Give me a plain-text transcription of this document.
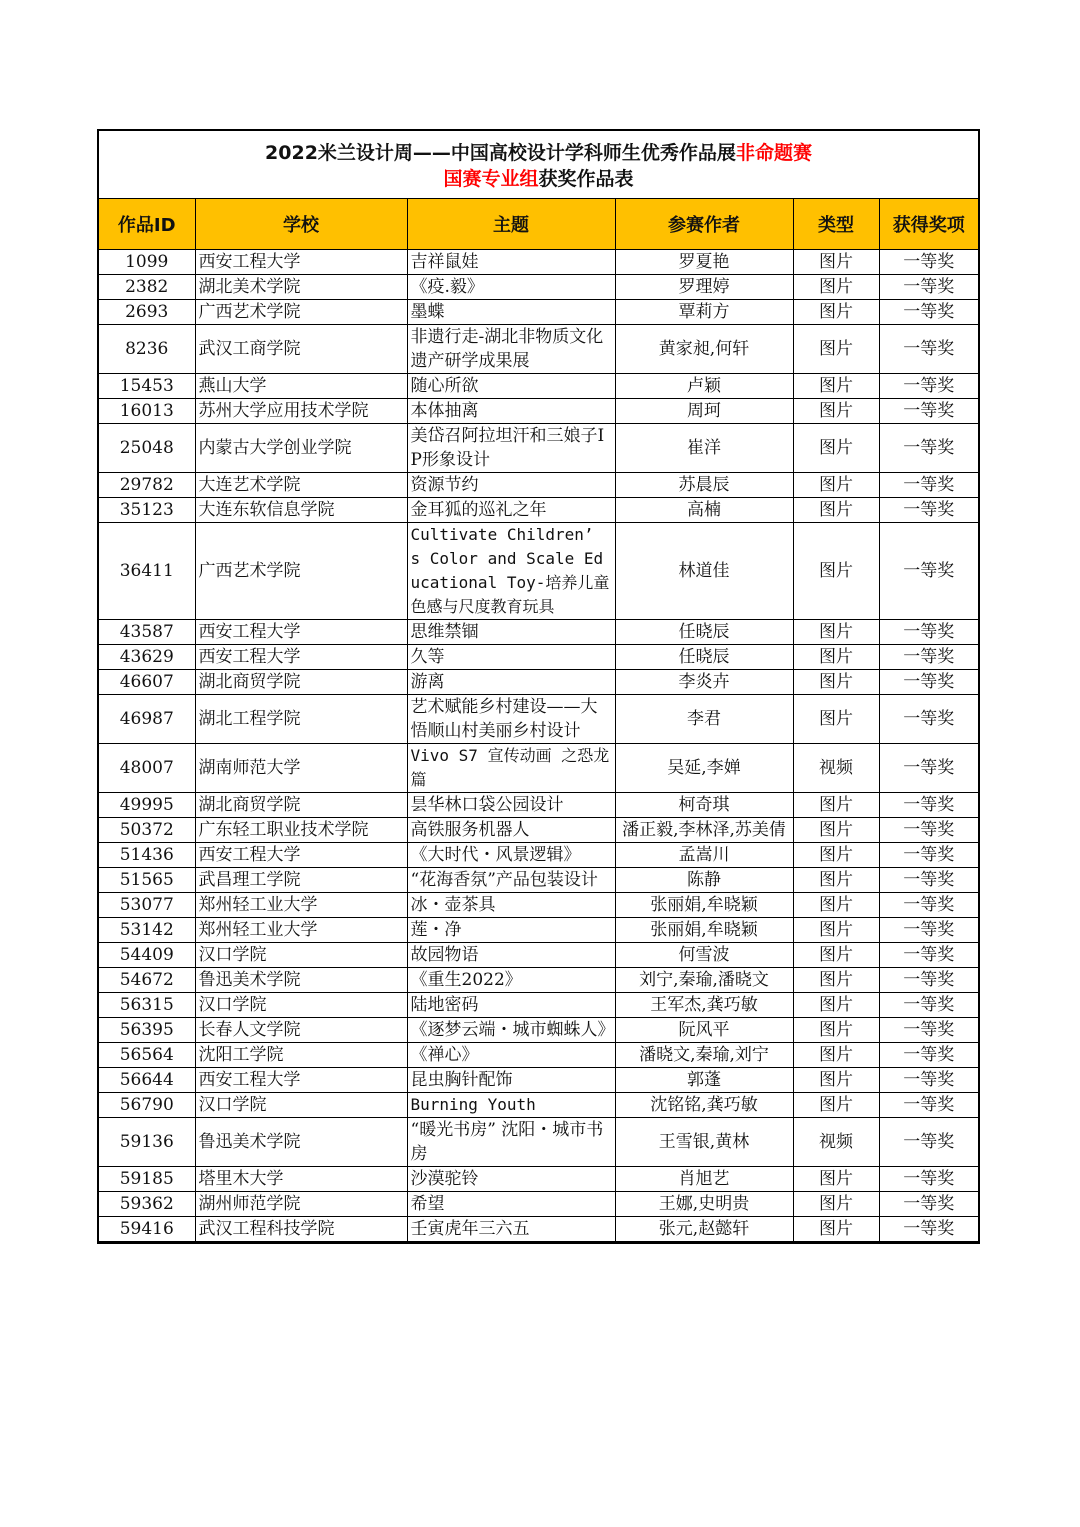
2022米兰设计周——中国高校设计学科师生优秀作品展非命题赛
国赛专业组获奖作品表
作品ID	学校	主题	参赛作者	类型	获得奖项
1099	西安工程大学	吉祥鼠娃	罗夏艳	图片	一等奖
2382	湖北美术学院	《疫.毅》	罗理婷	图片	一等奖
2693	广西艺术学院	墨蝶	覃莉方	图片	一等奖
8236	武汉工商学院	非遗行走-湖北非物质文化遗产研学成果展	黄家昶,何轩	图片	一等奖
15453	燕山大学	随心所欲	卢颖	图片	一等奖
16013	苏州大学应用技术学院	本体抽离	周珂	图片	一等奖
25048	内蒙古大学创业学院	美岱召阿拉坦汗和三娘子IP形象设计	崔洋	图片	一等奖
29782	大连艺术学院	资源节约	苏晨辰	图片	一等奖
35123	大连东软信息学院	金耳狐的巡礼之年	高楠	图片	一等奖
36411	广西艺术学院	Cultivate Children’ s Color and Scale Educational Toy-培养儿童色感与尺度教育玩具	林道佳	图片	一等奖
43587	西安工程大学	思维禁锢	任晓辰	图片	一等奖
43629	西安工程大学	久等	任晓辰	图片	一等奖
46607	湖北商贸学院	游离	李炎卉	图片	一等奖
46987	湖北工程学院	艺术赋能乡村建设——大悟顺山村美丽乡村设计	李君	图片	一等奖
48007	湖南师范大学	Vivo S7 宣传动画 之恐龙篇	吴延,李婵	视频	一等奖
49995	湖北商贸学院	昙华林口袋公园设计	柯奇琪	图片	一等奖
50372	广东轻工职业技术学院	高铁服务机器人	潘正毅,李林泽,苏美倩	图片	一等奖
51436	西安工程大学	《大时代・风景逻辑》	孟嵩川	图片	一等奖
51565	武昌理工学院	“花海香氛”产品包装设计	陈静	图片	一等奖
53077	郑州轻工业大学	冰・壶茶具	张丽娟,牟晓颖	图片	一等奖
53142	郑州轻工业大学	莲・净	张丽娟,牟晓颖	图片	一等奖
54409	汉口学院	故园物语	何雪波	图片	一等奖
54672	鲁迅美术学院	《重生2022》	刘宁,秦瑜,潘晓文	图片	一等奖
56315	汉口学院	陆地密码	王军杰,龚巧敏	图片	一等奖
56395	长春人文学院	《逐梦云端・城市蜘蛛人》	阮风平	图片	一等奖
56564	沈阳工学院	《禅心》	潘晓文,秦瑜,刘宁	图片	一等奖
56644	西安工程大学	昆虫胸针配饰	郭蓬	图片	一等奖
56790	汉口学院	Burning Youth	沈铭铭,龚巧敏	图片	一等奖
59136	鲁迅美术学院	“暖光书房” 沈阳・城市书房	王雪银,黄林	视频	一等奖
59185	塔里木大学	沙漠驼铃	肖旭艺	图片	一等奖
59362	湖州师范学院	希望	王娜,史明贵	图片	一等奖
59416	武汉工程科技学院	壬寅虎年三六五	张元,赵懿轩	图片	一等奖
